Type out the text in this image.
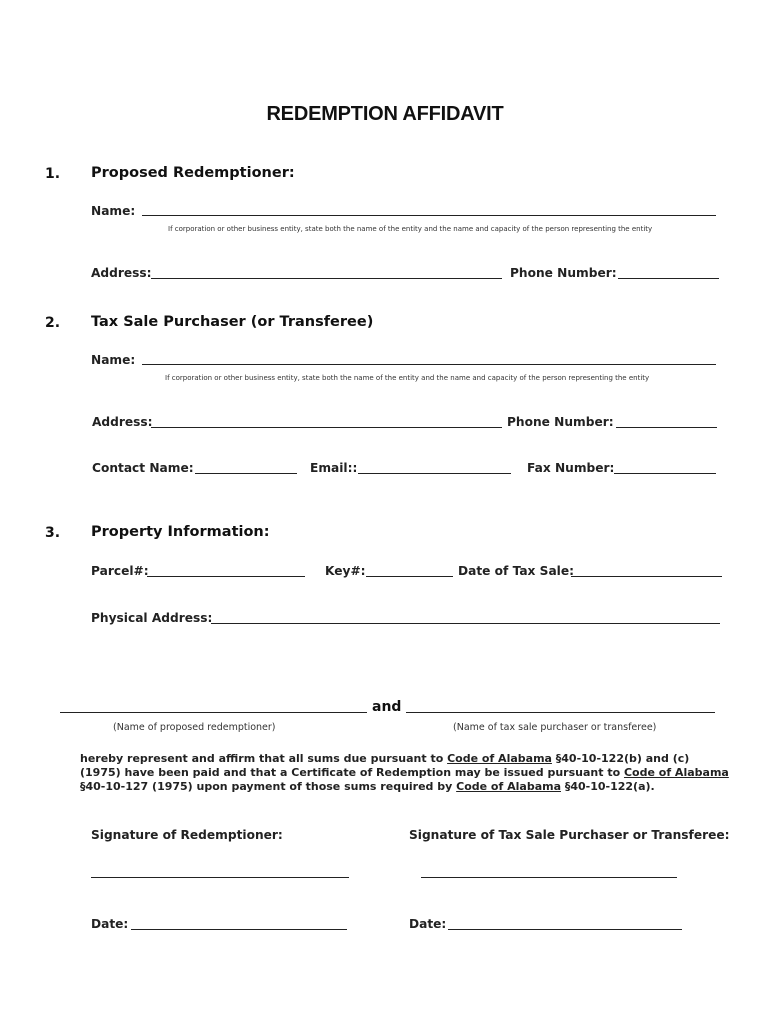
REDEMPTION AFFIDAVIT
1. Proposed Redemptioner:
Name:
If corporation or other business entity, state both the name of the entity and the name and capacity of the person representing the entity
Address:	Phone Number:
2. Tax Sale Purchaser (or Transferee)
Name:
If corporation or other business entity, state both the name of the entity and the name and capacity of the person representing the entity
Address:	Phone Number:
Contact Name:	Email::	Fax Number:
3. Property Information:
Parcel#:	Key#:	Date of Tax Sale:
Physical Address:
and
(Name of proposed redemptioner)	(Name of tax sale purchaser or transferee)
hereby represent and affirm that all sums due pursuant to Code of Alabama §40-10-122(b) and (c)
(1975) have been paid and that a Certificate of Redemption may be issued pursuant to Code of Alabama
§40-10-127 (1975) upon payment of those sums required by Code of Alabama §40-10-122(a).
Signature of Redemptioner:	Signature of Tax Sale Purchaser or Transferee:
Date:	Date:
